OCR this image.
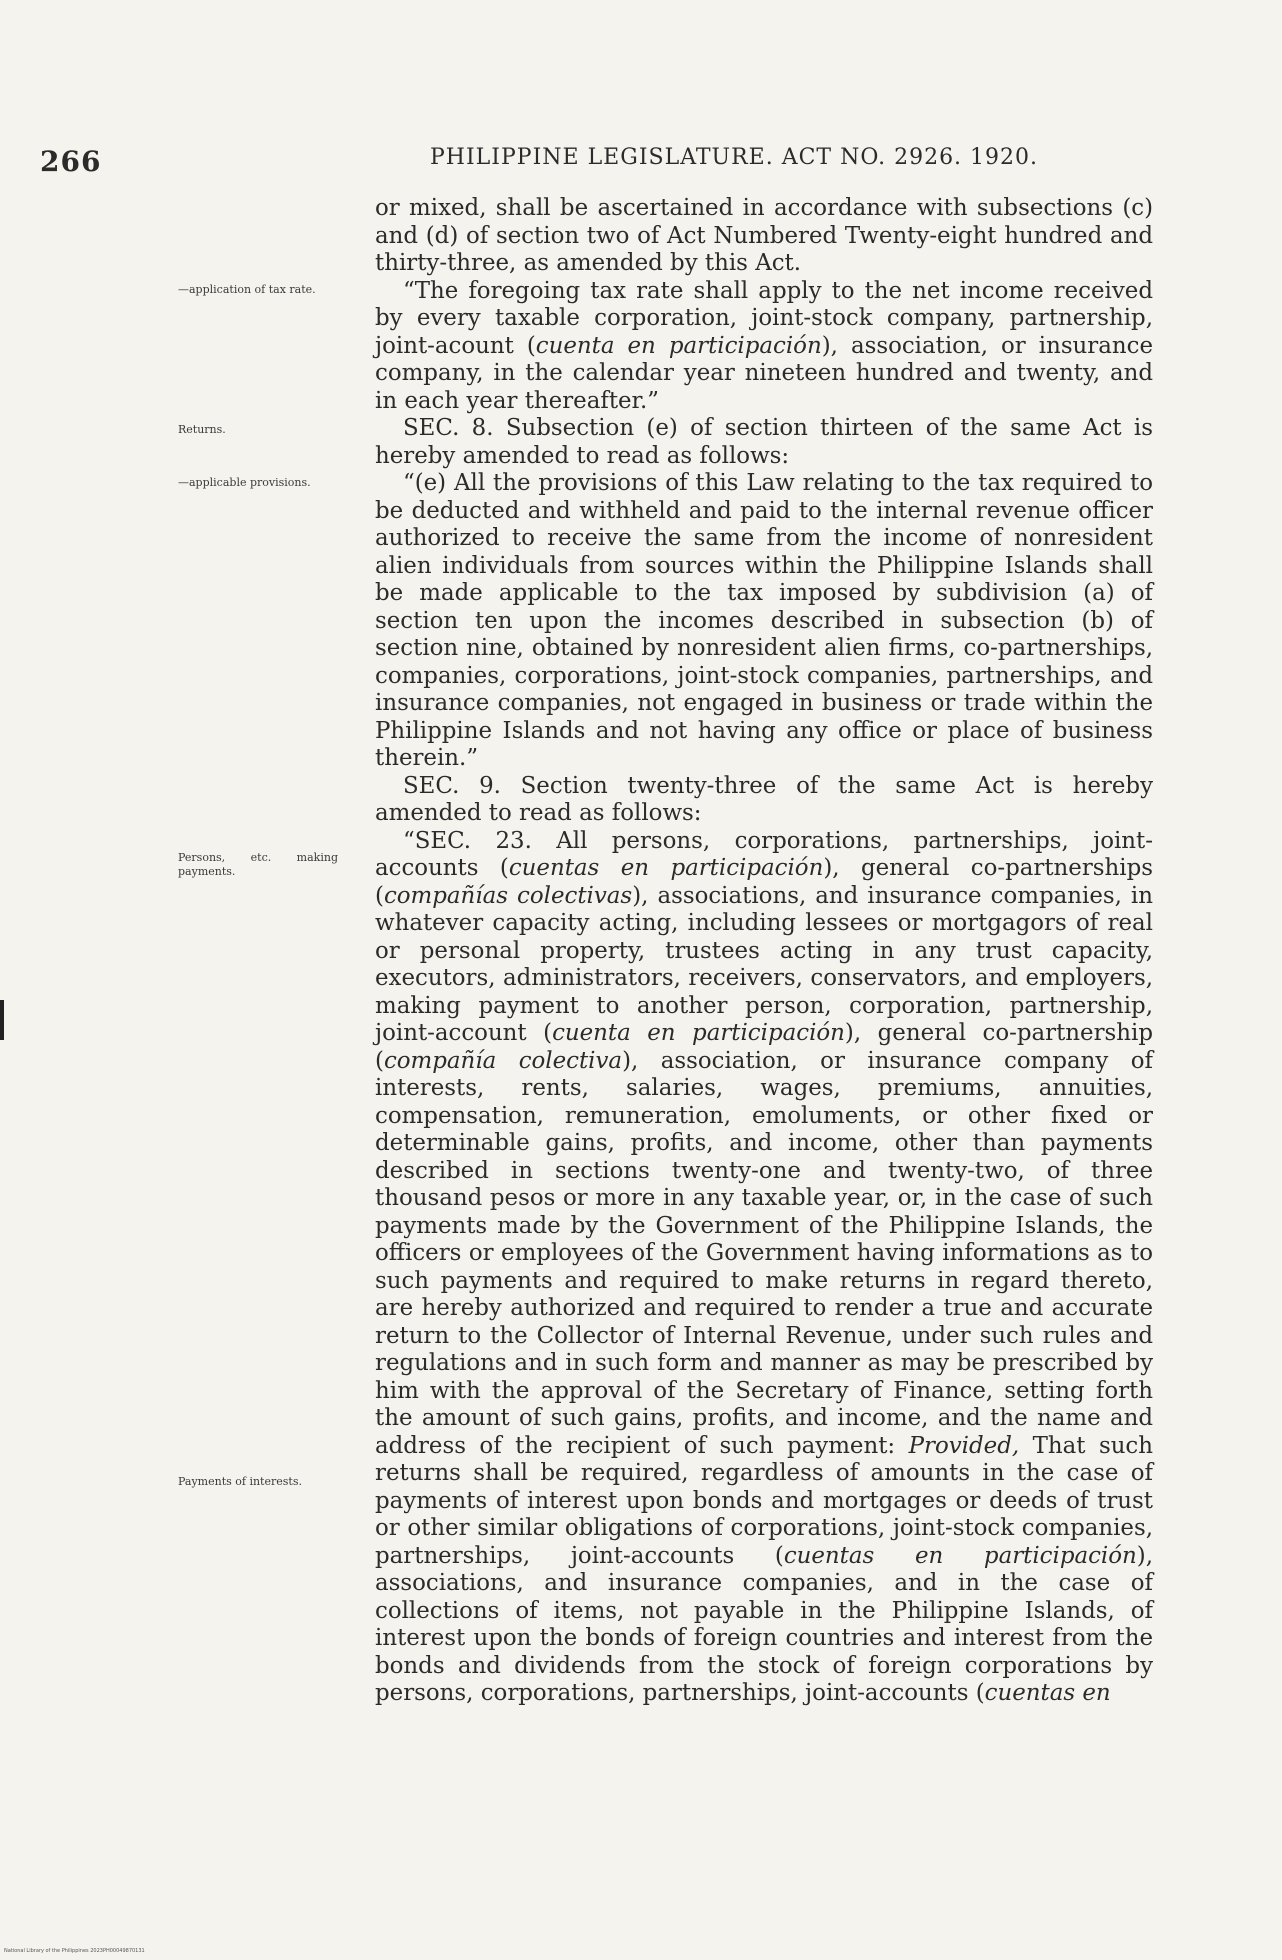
266	PHILIPPINE LEGISLATURE. ACT NO. 2926. 1920.
—application of tax rate.
Returns.
—applicable provisions.
Persons, etc. making payments.
Payments of interests.

or mixed, shall be ascertained in accordance with subsections (c) and (d) of section two of Act Numbered Twenty-eight hundred and thirty-three, as amended by this Act.

“The foregoing tax rate shall apply to the net income received by every taxable corporation, joint-stock company, partnership, joint-acount (cuenta en participación), association, or insurance company, in the calendar year nineteen hundred and twenty, and in each year thereafter.”

SEC. 8. Subsection (e) of section thirteen of the same Act is hereby amended to read as follows:

“(e) All the provisions of this Law relating to the tax required to be deducted and withheld and paid to the internal revenue officer authorized to receive the same from the income of nonresident alien individuals from sources within the Philippine Islands shall be made applicable to the tax imposed by subdivision (a) of section ten upon the incomes described in subsection (b) of section nine, obtained by nonresident alien firms, co-partnerships, companies, corporations, joint-stock companies, partnerships, and insurance companies, not engaged in business or trade within the Philippine Islands and not having any office or place of business therein.”

SEC. 9. Section twenty-three of the same Act is hereby amended to read as follows:

“SEC. 23. All persons, corporations, partnerships, joint-accounts (cuentas en participación), general co-partnerships (compañías colectivas), associations, and insurance companies, in whatever capacity acting, including lessees or mortgagors of real or personal property, trustees acting in any trust capacity, executors, administrators, receivers, conservators, and employers, making payment to another person, corporation, partnership, joint-account (cuenta en participación), general co-partnership (compañía colectiva), association, or insurance company of interests, rents, salaries, wages, premiums, annuities, compensation, remuneration, emoluments, or other fixed or determinable gains, profits, and income, other than payments described in sections twenty-one and twenty-two, of three thousand pesos or more in any taxable year, or, in the case of such payments made by the Government of the Philippine Islands, the officers or employees of the Government having informations as to such payments and required to make returns in regard thereto, are hereby authorized and required to render a true and accurate return to the Collector of Internal Revenue, under such rules and regulations and in such form and manner as may be prescribed by him with the approval of the Secretary of Finance, setting forth the amount of such gains, profits, and income, and the name and address of the recipient of such payment: Provided, That such returns shall be required, regardless of amounts in the case of payments of interest upon bonds and mortgages or deeds of trust or other similar obligations of corporations, joint-stock companies, partnerships, joint-accounts (cuentas en participación), associations, and insurance companies, and in the case of collections of items, not payable in the Philippine Islands, of interest upon the bonds of foreign countries and interest from the bonds and dividends from the stock of foreign corporations by persons, corporations, partnerships, joint-accounts (cuentas en

National Library of the Philippines 2023PH00049870131
